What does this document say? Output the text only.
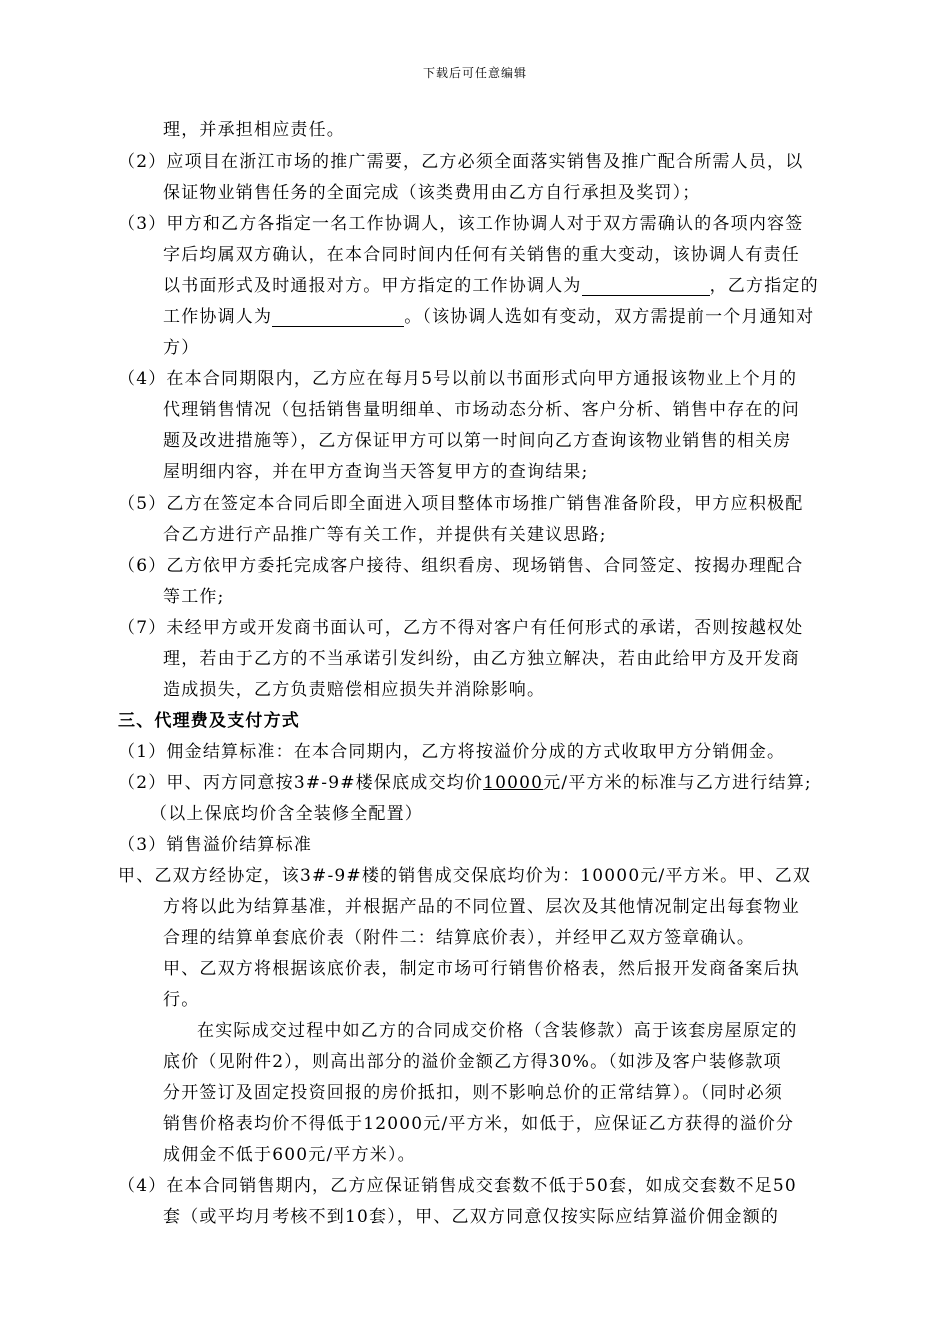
下载后可任意编辑
理，并承担相应责任。
（2）应项目在浙江市场的推广需要，乙方必须全面落实销售及推广配合所需人员，以
保证物业销售任务的全面完成（该类费用由乙方自行承担及奖罚）；
（3）甲方和乙方各指定一名工作协调人，该工作协调人对于双方需确认的各项内容签
字后均属双方确认，在本合同时间内任何有关销售的重大变动，该协调人有责任
以书面形式及时通报对方。甲方指定的工作协调人为	，乙方指定的
工作协调人为	。（该协调人选如有变动，双方需提前一个月通知对
方）
（4）在本合同期限内，乙方应在每月5号以前以书面形式向甲方通报该物业上个月的
代理销售情况（包括销售量明细单、市场动态分析、客户分析、销售中存在的问
题及改进措施等），乙方保证甲方可以第一时间向乙方查询该物业销售的相关房
屋明细内容，并在甲方查询当天答复甲方的查询结果;
（5）乙方在签定本合同后即全面进入项目整体市场推广销售准备阶段，甲方应积极配
合乙方进行产品推广等有关工作，并提供有关建议思路;
（6）乙方依甲方委托完成客户接待、组织看房、现场销售、合同签定、按揭办理配合
等工作;
（7）未经甲方或开发商书面认可，乙方不得对客户有任何形式的承诺，否则按越权处
理，若由于乙方的不当承诺引发纠纷，由乙方独立解决，若由此给甲方及开发商
造成损失，乙方负责赔偿相应损失并消除影响。
三、代理费及支付方式
（1）佣金结算标准：在本合同期内，乙方将按溢价分成的方式收取甲方分销佣金。
（2）甲、丙方同意按3#-9#楼保底成交均价10000元/平方米的标准与乙方进行结算;
（以上保底均价含全装修全配置）
（3）销售溢价结算标准
甲、乙双方经协定，该3#-9#楼的销售成交保底均价为：10000元/平方米。甲、乙双
方将以此为结算基准，并根据产品的不同位置、层次及其他情况制定出每套物业
合理的结算单套底价表（附件二：结算底价表），并经甲乙双方签章确认。
甲、乙双方将根据该底价表，制定市场可行销售价格表，然后报开发商备案后执
行。
在实际成交过程中如乙方的合同成交价格（含装修款）高于该套房屋原定的
底价（见附件2），则高出部分的溢价金额乙方得30%。（如涉及客户装修款项
分开签订及固定投资回报的房价抵扣，则不影响总价的正常结算）。（同时必须
销售价格表均价不得低于12000元/平方米，如低于，应保证乙方获得的溢价分
成佣金不低于600元/平方米）。
（4）在本合同销售期内，乙方应保证销售成交套数不低于50套，如成交套数不足50
套（或平均月考核不到10套），甲、乙双方同意仅按实际应结算溢价佣金额的
